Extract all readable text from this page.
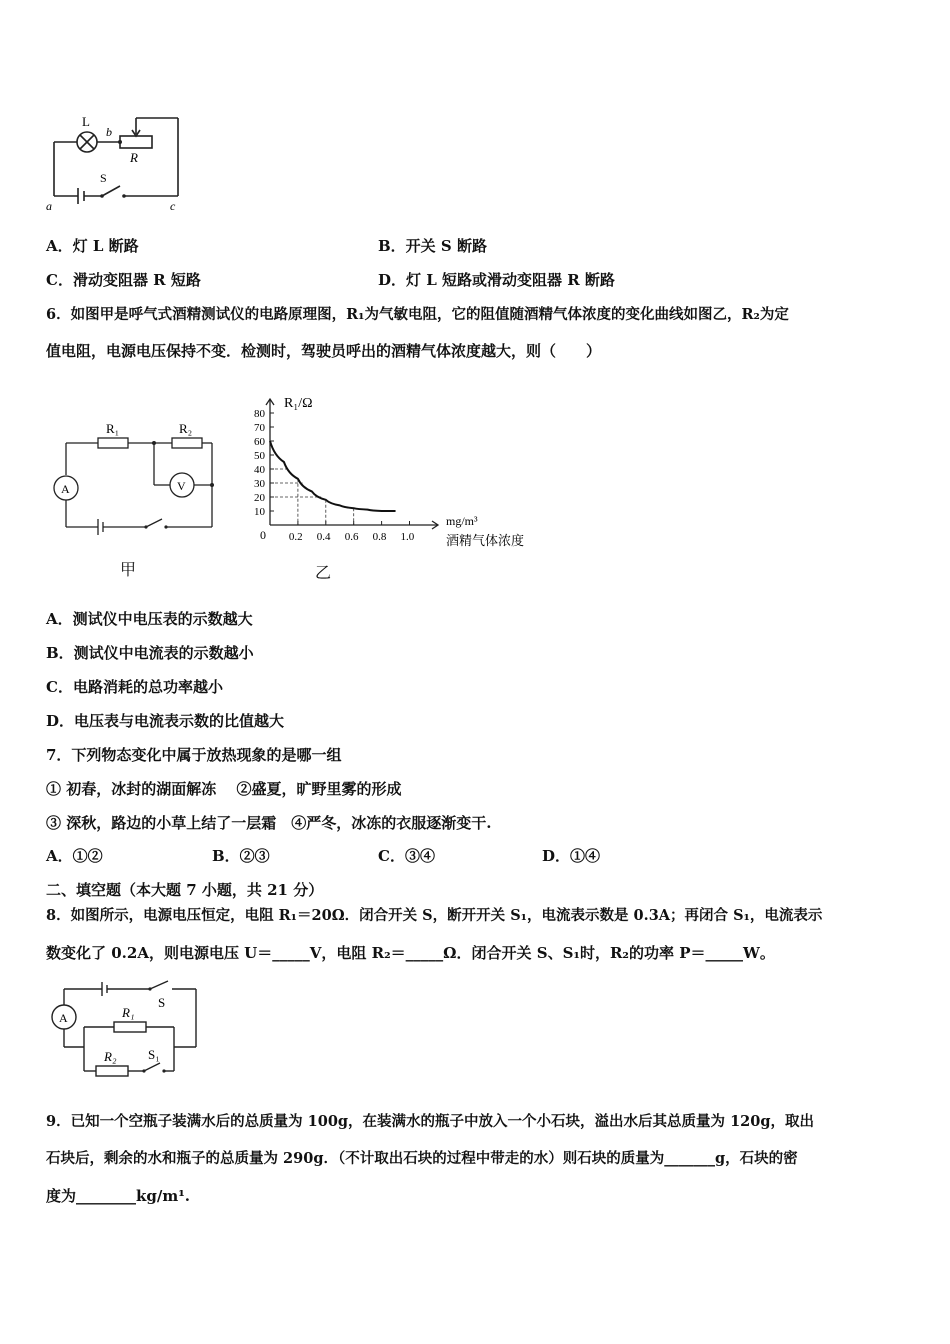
L
b
R
S
a	c
A．灯 L 断路	B．开关 S 断路
C．滑动变阻器 R 短路	D．灯 L 短路或滑动变阻器 R 断路
6．如图甲是呼气式酒精测试仪的电路原理图，R₁为气敏电阻，它的阻值随酒精气体浓度的变化曲线如图乙，R₂为定
值电阻，电源电压保持不变．检测时，驾驶员呼出的酒精气体浓度越大，则（　　）
R₁	R₂
A	V
甲
80
70
60
50
40
30
20
10
0.2 0.4 0.6 0.8 1.0
R₁/Ω
0
mg/m³
酒精气体浓度
乙
A．测试仪中电压表的示数越大
B．测试仪中电流表的示数越小
C．电路消耗的总功率越小
D．电压表与电流表示数的比值越大
7．下列物态变化中属于放热现象的是哪一组
① 初春，冰封的湖面解冻　 ②盛夏，旷野里雾的形成
③ 深秋，路边的小草上结了一层霜　④严冬，冰冻的衣服逐渐变干.
A．①②	B．②③	C．③④	D．①④
二、填空题（本大题 7 小题，共 21 分）
8．如图所示，电源电压恒定，电阻 R₁＝20Ω．闭合开关 S，断开开关 S₁，电流表示数是 0.3A；再闭合 S₁，电流表示
数变化了 0.2A，则电源电压 U＝_____V，电阻 R₂＝_____Ω．闭合开关 S、S₁时，R₂的功率 P＝_____W。
S
A	R₁
R₂ S₁
9．已知一个空瓶子装满水后的总质量为 100g，在装满水的瓶子中放入一个小石块，溢出水后其总质量为 120g，取出
石块后，剩余的水和瓶子的总质量为 290g．（不计取出石块的过程中带走的水）则石块的质量为_______g，石块的密
度为________kg/m¹.
